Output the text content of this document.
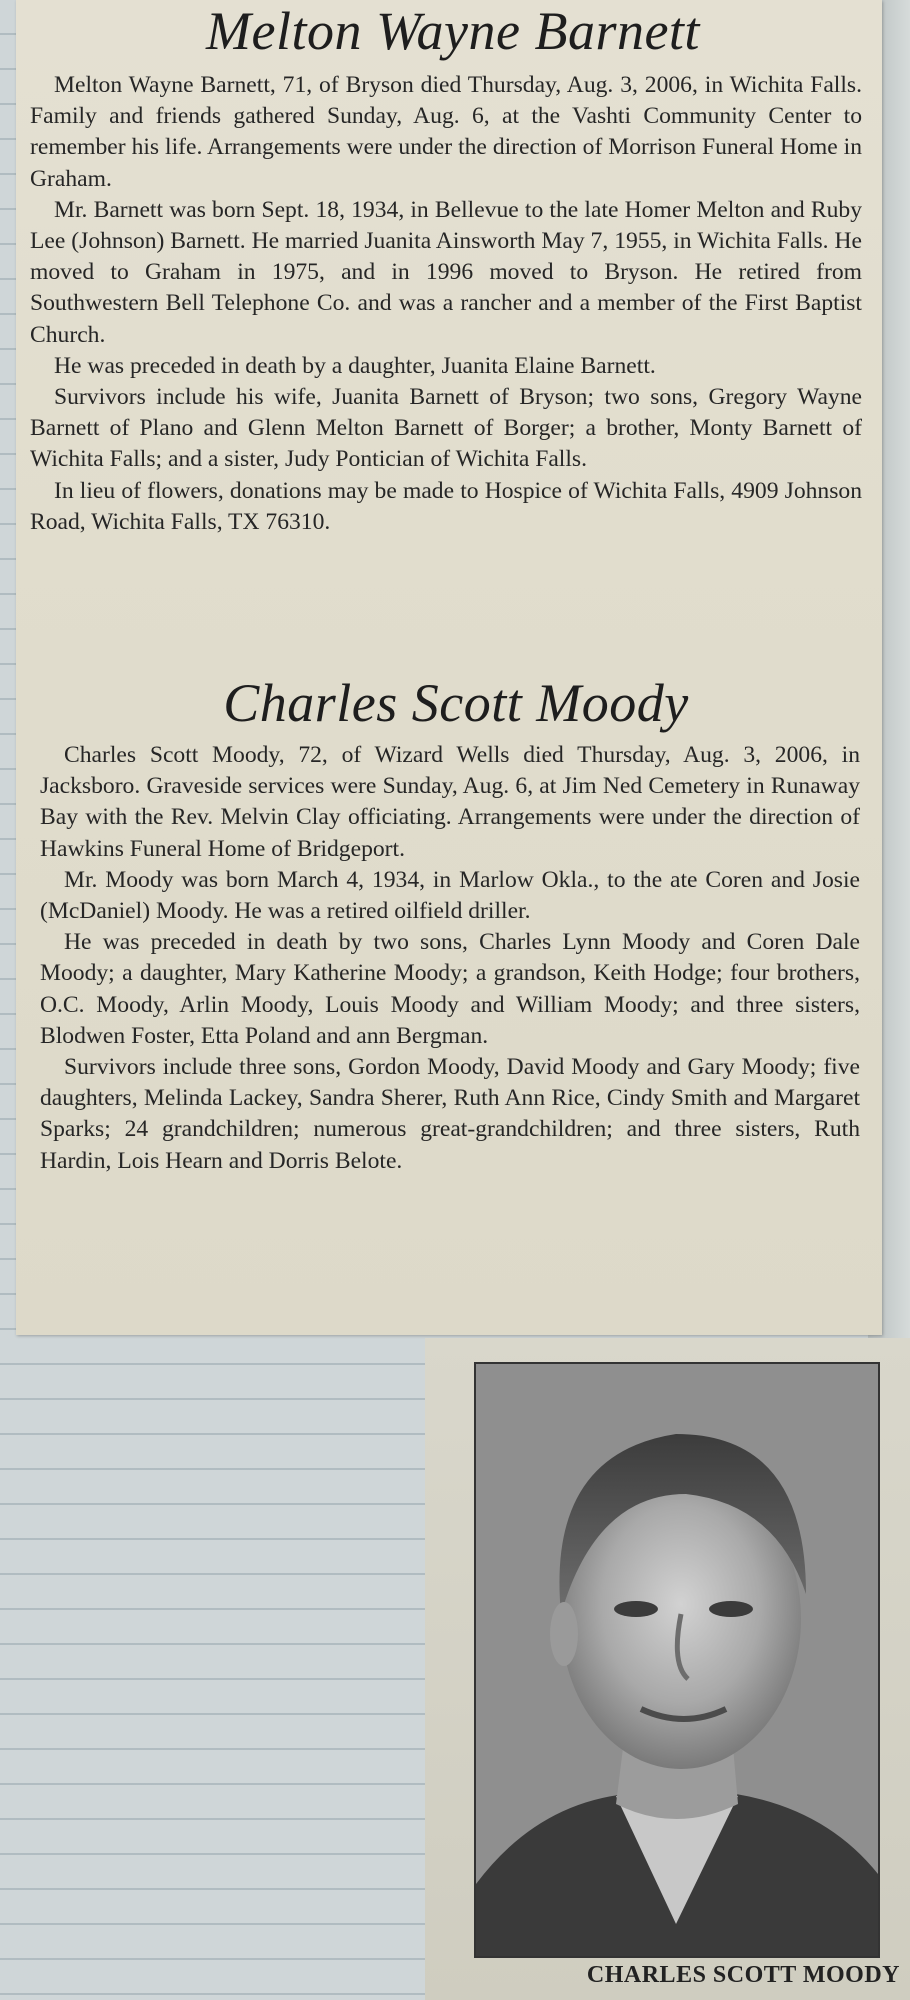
Melton Wayne Barnett

Melton Wayne Barnett, 71, of Bryson died Thursday, Aug. 3, 2006, in Wichita Falls. Family and friends gathered Sunday, Aug. 6, at the Vashti Community Center to remember his life. Arrangements were under the direction of Morrison Funeral Home in Graham.

Mr. Barnett was born Sept. 18, 1934, in Bellevue to the late Homer Melton and Ruby Lee (Johnson) Barnett. He married Juanita Ainsworth May 7, 1955, in Wichita Falls. He moved to Graham in 1975, and in 1996 moved to Bryson. He retired from Southwestern Bell Telephone Co. and was a rancher and a member of the First Baptist Church.

He was preceded in death by a daughter, Juanita Elaine Barnett.

Survivors include his wife, Juanita Barnett of Bryson; two sons, Gregory Wayne Barnett of Plano and Glenn Melton Barnett of Borger; a brother, Monty Barnett of Wichita Falls; and a sister, Judy Pontician of Wichita Falls.

In lieu of flowers, donations may be made to Hospice of Wichita Falls, 4909 Johnson Road, Wichita Falls, TX 76310.

Charles Scott Moody

Charles Scott Moody, 72, of Wizard Wells died Thursday, Aug. 3, 2006, in Jacksboro. Graveside services were Sunday, Aug. 6, at Jim Ned Cemetery in Runaway Bay with the Rev. Melvin Clay officiating. Arrangements were under the direction of Hawkins Funeral Home of Bridgeport.

Mr. Moody was born March 4, 1934, in Marlow Okla., to the ate Coren and Josie (McDaniel) Moody. He was a retired oilfield driller.

He was preceded in death by two sons, Charles Lynn Moody and Coren Dale Moody; a daughter, Mary Katherine Moody; a grandson, Keith Hodge; four brothers, O.C. Moody, Arlin Moody, Louis Moody and William Moody; and three sisters, Blodwen Foster, Etta Poland and ann Bergman.

Survivors include three sons, Gordon Moody, David Moody and Gary Moody; five daughters, Melinda Lackey, Sandra Sherer, Ruth Ann Rice, Cindy Smith and Margaret Sparks; 24 grandchildren; numerous great-grandchildren; and three sisters, Ruth Hardin, Lois Hearn and Dorris Belote.

CHARLES SCOTT MOODY
